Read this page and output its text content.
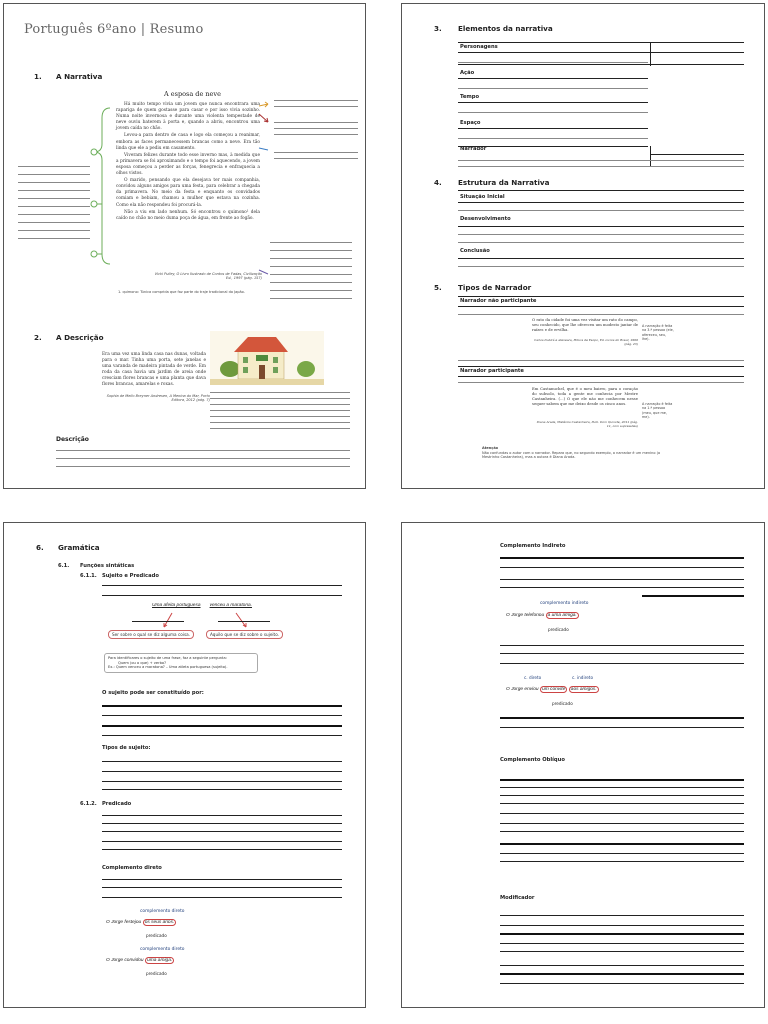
Português 6ºano | Resumo
1. A Narrativa
A esposa de neve

Há muito tempo vivia um jovem que nunca encontrara uma rapariga de quem gostasse para casar e por isso vivia sozinho. Numa noite invernosa e durante uma violenta tempestade de neve ouviu baterem à porta e, quando a abriu, encontrou uma jovem caída no chão.

Levou-a para dentro de casa e logo ela começou a reanimar, embora as faces permanecessem brancas como a neve. Era tão linda que ele a pediu em casamento.

Viveram felizes durante todo esse inverno mas, à medida que a primavera se foi aproximando e o tempo foi aquecendo, a jovem esposa começou a perder as forças, fenegrecia e enfraquecia a olhos vistos.

O marido, pensando que ela desejava ter mais companhia, convidou alguns amigos para uma festa, para celebrar a chegada da primavera. No meio da festa e enquanto os convidados comiam e bebiam, chamou a mulher que estava na cozinha. Como ela não respondeu foi procurá-la.

Não a viu em lado nenhum. Só encontrou o quimono¹ dela caído no chão no meio duma poça de água, em frente ao fogão.

Vicki Pulley, O Livro Ilustrado de Contos de Fadas, Civilização Ed., 1997 (pág. 157)
1. quimono: Túnica comprida que faz parte do traje tradicional do Japão.
2. A Descrição
Era uma vez uma linda casa nas dunas, voltada para o mar. Tinha uma porta, sete janelas e uma varanda de madeira pintada de verde. Em roda da casa havia um jardim de areia onde cresciam flores brancas e uma planta que dava flores brancas, amarelas e roxas.
Sophia de Mello Breyner Andresen, A Menina do Mar, Porto Editora, 2012 (pág. 7)
Descrição
3. Elementos da narrativa
Personagens
Ação
Tempo
Espaço
Narrador
4. Estrutura da Narrativa
Situação Inicial
Desenvolvimento
Conclusão
5. Tipos de Narrador
Narrador não participante
O rato da cidade foi uma vez visitar um rato do campo, seu conhecido, que lhe ofereceu um modesto jantar de raízes e de ervilha.
Carlos Dubirá e ateneara, Mitura de Esopo, Ed. Livros do Brasil, 1996 (pág. 23)
A narração é feita na 3.ª pessoa (ele, ofereceu, seu, lhe).
Narrador participante
Em Castanuchel, que é o meu bairro, para o coração do subsolo, toda a gente me conhecia por Mestre Castanheira. (...) O que ele não me conhecem nesse sequer sabem que me deixo desde os cinco anos.
Diana Arada, Mistérios Castanheira, Publ. Dom Quixote, 2011 (pág. 11, com supressões)
A narração é feita na 1.ª pessoa (meu, que me, me).
Atenção
Não confundas o autor com o narrador. Repara que, no segundo exemplo, o narrador é um menino (o Mestrinho Castanheira), mas a autora é Diana Arada.
6. Gramática
6.1. Funções sintáticas
6.1.1. Sujeito e Predicado
Uma afeita portuguesa venceu a maratona.
Ser sobre o qual se diz alguma coisa.	Aquilo que se diz sobre o sujeito.
Para identificares o sujeito de uma frase, faz a seguinte pergunta:
Quem (ou o que) + verbo?
Ex.: Quem venceu a maratona? – Uma atleta portuguesa (sujeito).
O sujeito pode ser constituído por:
Tipos de sujeito:
6.1.2. Predicado
Complemento direto
complemento direto
O Jorge festejou os seus anos.
predicado
complemento direto
O Jorge convidou uma amiga.
predicado
Complemento Indireto
complemento indireto
O Jorge telefonou a uma amiga.
predicado
c. direto	c. indireto
O Jorge enviou um convite aos amigos.
predicado
Complemento Oblíquo
Modificador
